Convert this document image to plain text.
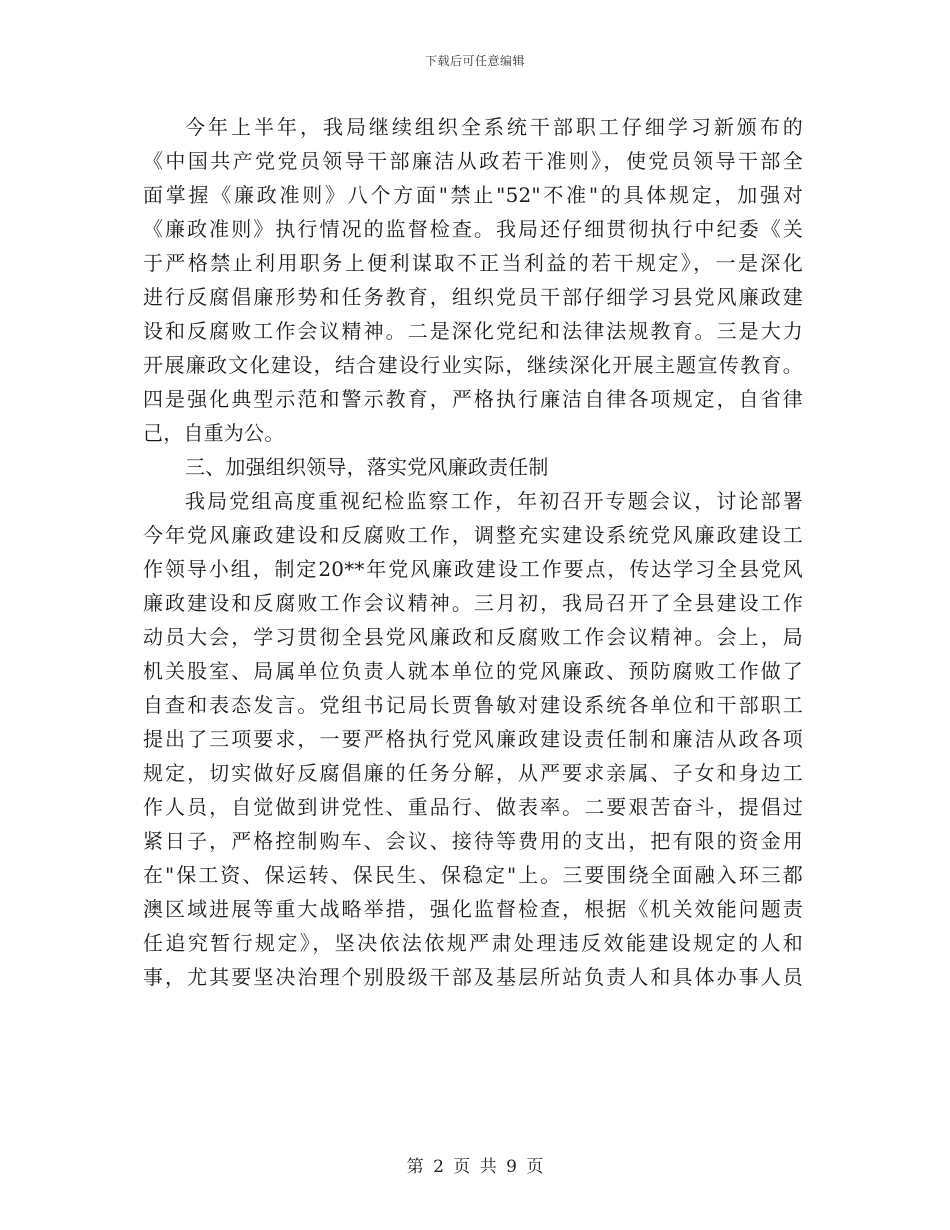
下载后可任意编辑
今年上半年，我局继续组织全系统干部职工仔细学习新颁布的
《中国共产党党员领导干部廉洁从政若干准则》，使党员领导干部全
面掌握《廉政准则》八个方面"禁止"52"不准"的具体规定，加强对
《廉政准则》执行情况的监督检查。我局还仔细贯彻执行中纪委《关
于严格禁止利用职务上便利谋取不正当利益的若干规定》，一是深化
进行反腐倡廉形势和任务教育，组织党员干部仔细学习县党风廉政建
设和反腐败工作会议精神。二是深化党纪和法律法规教育。三是大力
开展廉政文化建设，结合建设行业实际，继续深化开展主题宣传教育。
四是强化典型示范和警示教育，严格执行廉洁自律各项规定，自省律
己，自重为公。
三、加强组织领导，落实党风廉政责任制
我局党组高度重视纪检监察工作，年初召开专题会议，讨论部署
今年党风廉政建设和反腐败工作，调整充实建设系统党风廉政建设工
作领导小组，制定20**年党风廉政建设工作要点，传达学习全县党风
廉政建设和反腐败工作会议精神。三月初，我局召开了全县建设工作
动员大会，学习贯彻全县党风廉政和反腐败工作会议精神。会上，局
机关股室、局属单位负责人就本单位的党风廉政、预防腐败工作做了
自查和表态发言。党组书记局长贾鲁敏对建设系统各单位和干部职工
提出了三项要求，一要严格执行党风廉政建设责任制和廉洁从政各项
规定，切实做好反腐倡廉的任务分解，从严要求亲属、子女和身边工
作人员，自觉做到讲党性、重品行、做表率。二要艰苦奋斗，提倡过
紧日子，严格控制购车、会议、接待等费用的支出，把有限的资金用
在"保工资、保运转、保民生、保稳定"上。三要围绕全面融入环三都
澳区域进展等重大战略举措，强化监督检查，根据《机关效能问题责
任追究暂行规定》，坚决依法依规严肃处理违反效能建设规定的人和
事，尤其要坚决治理个别股级干部及基层所站负责人和具体办事人员
第 2 页 共 9 页
